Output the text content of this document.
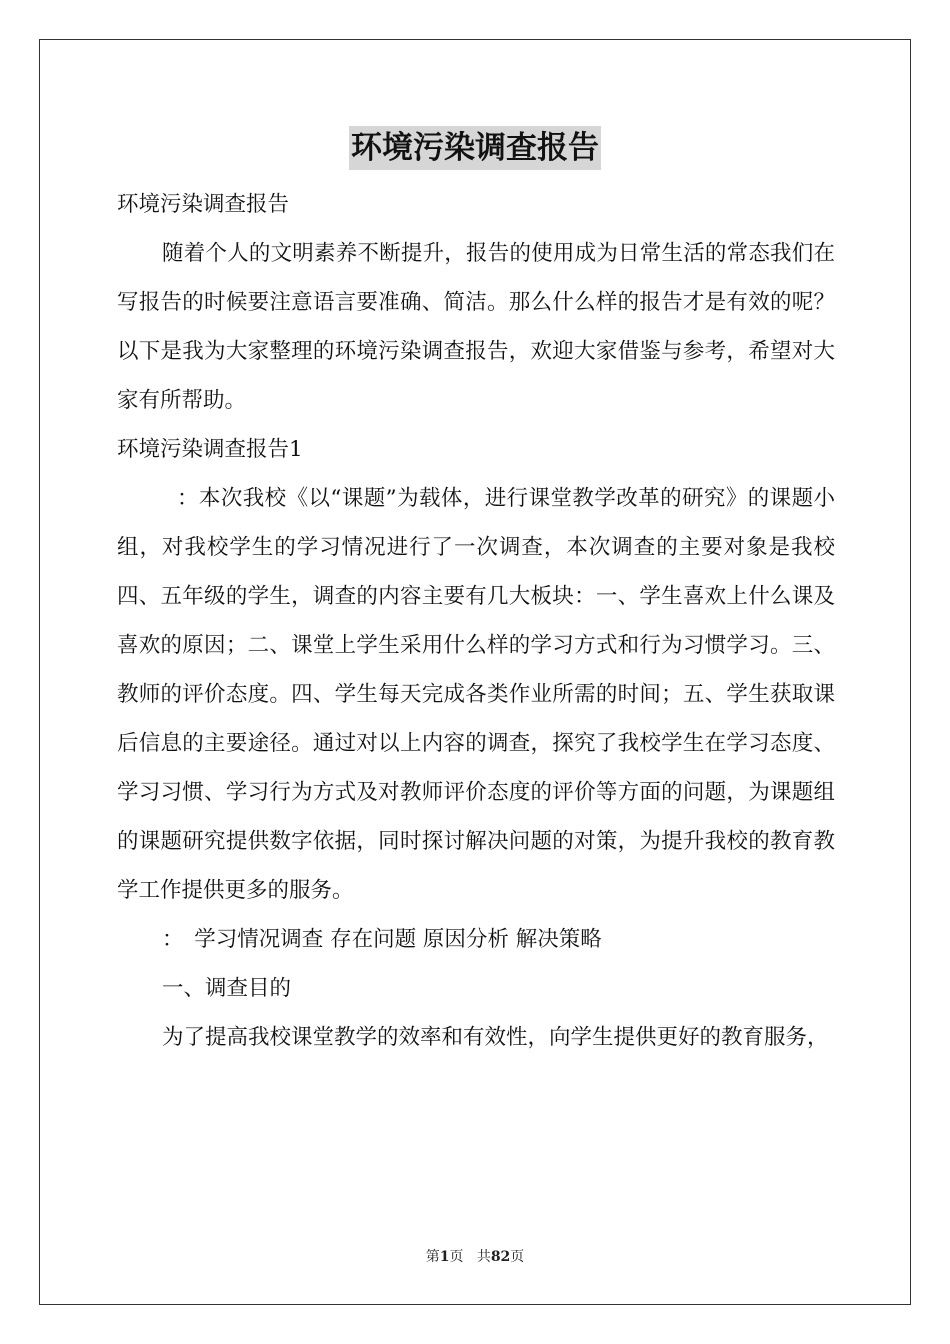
环境污染调查报告

环境污染调查报告

随着个人的文明素养不断提升，报告的使用成为日常生活的常态我们在写报告的时候要注意语言要准确、简洁。那么什么样的报告才是有效的呢？以下是我为大家整理的环境污染调查报告，欢迎大家借鉴与参考，希望对大家有所帮助。

环境污染调查报告1

：本次我校《以“课题”为载体，进行课堂教学改革的研究》的课题小组，对我校学生的学习情况进行了一次调查，本次调查的主要对象是我校四、五年级的学生，调查的内容主要有几大板块：一、学生喜欢上什么课及喜欢的原因；二、课堂上学生采用什么样的学习方式和行为习惯学习。三、教师的评价态度。四、学生每天完成各类作业所需的时间；五、学生获取课后信息的主要途径。通过对以上内容的调查，探究了我校学生在学习态度、学习习惯、学习行为方式及对教师评价态度的评价等方面的问题，为课题组的课题研究提供数字依据，同时探讨解决问题的对策，为提升我校的教育教学工作提供更多的服务。

：　学习情况调查 存在问题 原因分析 解决策略

一、调查目的

为了提高我校课堂教学的效率和有效性，向学生提供更好的教育服务，

第1页 共82页
